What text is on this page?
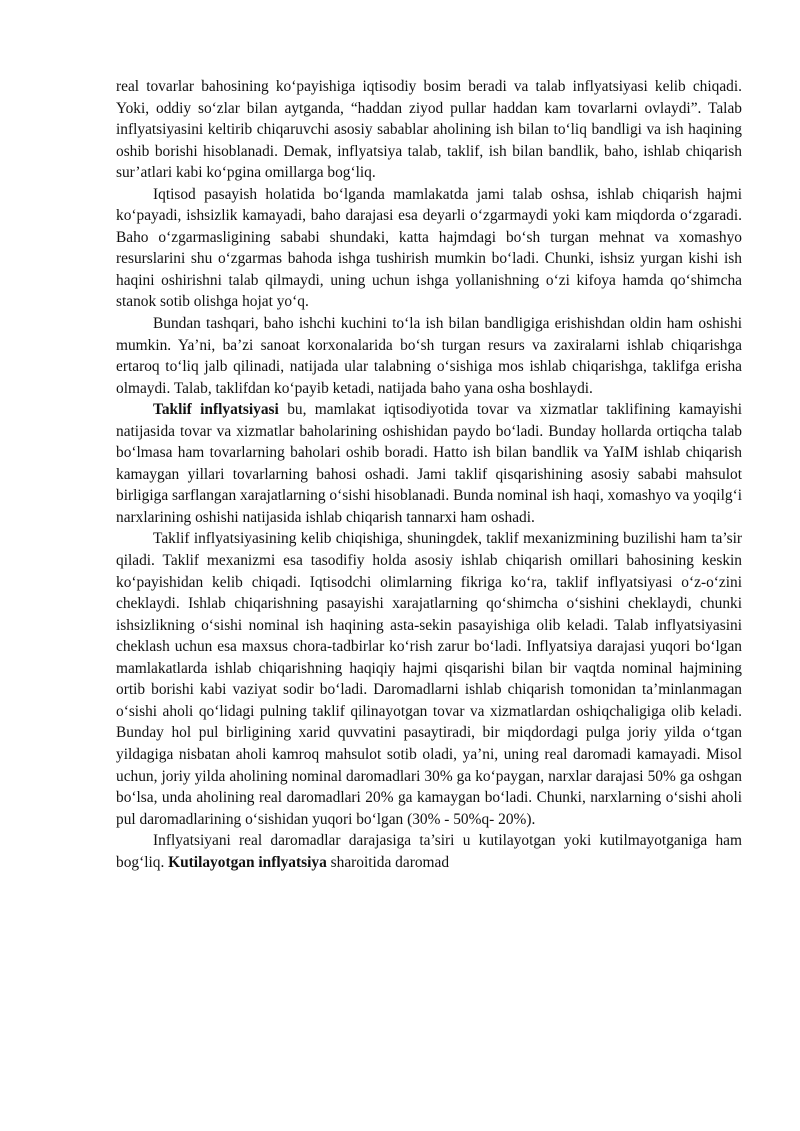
real tovarlar bahosining ko‘payishiga iqtisodiy bosim beradi va talab inflyatsiyasi kelib chiqadi. Yoki, oddiy so‘zlar bilan aytganda, “haddan ziyod pullar haddan kam tovarlarni ovlaydi”. Talab inflyatsiyasini keltirib chiqaruvchi asosiy sabablar aholining ish bilan to‘liq bandligi va ish haqining oshib borishi hisoblanadi. Demak, inflyatsiya talab, taklif, ish bilan bandlik, baho, ishlab chiqarish sur’atlari kabi ko‘pgina omillarga bog‘liq.

Iqtisod pasayish holatida bo‘lganda mamlakatda jami talab oshsa, ishlab chiqarish hajmi ko‘payadi, ishsizlik kamayadi, baho darajasi esa deyarli o‘zgarmaydi yoki kam miqdorda o‘zgaradi. Baho o‘zgarmasligining sababi shundaki, katta hajmdagi bo‘sh turgan mehnat va xomashyo resurslarini shu o‘zgarmas bahoda ishga tushirish mumkin bo‘ladi. Chunki, ishsiz yurgan kishi ish haqini oshirishni talab qilmaydi, uning uchun ishga yollanishning o‘zi kifoya hamda qo‘shimcha stanok sotib olishga hojat yo‘q.

Bundan tashqari, baho ishchi kuchini to‘la ish bilan bandligiga erishishdan oldin ham oshishi mumkin. Ya’ni, ba’zi sanoat korxonalarida bo‘sh turgan resurs va zaxiralarni ishlab chiqarishga ertaroq to‘liq jalb qilinadi, natijada ular talabning o‘sishiga mos ishlab chiqarishga, taklifga erisha olmaydi. Talab, taklifdan ko‘payib ketadi, natijada baho yana osha boshlaydi.

Taklif inflyatsiyasi bu, mamlakat iqtisodiyotida tovar va xizmatlar taklifining kamayishi natijasida tovar va xizmatlar baholarining oshishidan paydo bo‘ladi. Bunday hollarda ortiqcha talab bo‘lmasa ham tovarlarning baholari oshib boradi. Hatto ish bilan bandlik va YaIM ishlab chiqarish kamaygan yillari tovarlarning bahosi oshadi. Jami taklif qisqarishining asosiy sababi mahsulot birligiga sarflangan xarajatlarning o‘sishi hisoblanadi. Bunda nominal ish haqi, xomashyo va yoqilg‘i narxlarining oshishi natijasida ishlab chiqarish tannarxi ham oshadi.

Taklif inflyatsiyasining kelib chiqishiga, shuningdek, taklif mexanizmining buzilishi ham ta’sir qiladi. Taklif mexanizmi esa tasodifiy holda asosiy ishlab chiqarish omillari bahosining keskin ko‘payishidan kelib chiqadi. Iqtisodchi olimlarning fikriga ko‘ra, taklif inflyatsiyasi o‘z-o‘zini cheklaydi. Ishlab chiqarishning pasayishi xarajatlarning qo‘shimcha o‘sishini cheklaydi, chunki ishsizlikning o‘sishi nominal ish haqining asta-sekin pasayishiga olib keladi. Talab inflyatsiyasini cheklash uchun esa maxsus chora-tadbirlar ko‘rish zarur bo‘ladi. Inflyatsiya darajasi yuqori bo‘lgan mamlakatlarda ishlab chiqarishning haqiqiy hajmi qisqarishi bilan bir vaqtda nominal hajmining ortib borishi kabi vaziyat sodir bo‘ladi. Daromadlarni ishlab chiqarish tomonidan ta’minlanmagan o‘sishi aholi qo‘lidagi pulning taklif qilinayotgan tovar va xizmatlardan oshiqchaligiga olib keladi. Bunday hol pul birligining xarid quvvatini pasaytiradi, bir miqdordagi pulga joriy yilda o‘tgan yildagiga nisbatan aholi kamroq mahsulot sotib oladi, ya’ni, uning real daromadi kamayadi. Misol uchun, joriy yilda aholining nominal daromadlari 30% ga ko‘paygan, narxlar darajasi 50% ga oshgan bo‘lsa, unda aholining real daromadlari 20% ga kamaygan bo‘ladi. Chunki, narxlarning o‘sishi aholi pul daromadlarining o‘sishidan yuqori bo‘lgan (30% - 50%q- 20%).

Inflyatsiyani real daromadlar darajasiga ta’siri u kutilayotgan yoki kutilmayotganiga ham bog‘liq. Kutilayotgan inflyatsiya sharoitida daromad
